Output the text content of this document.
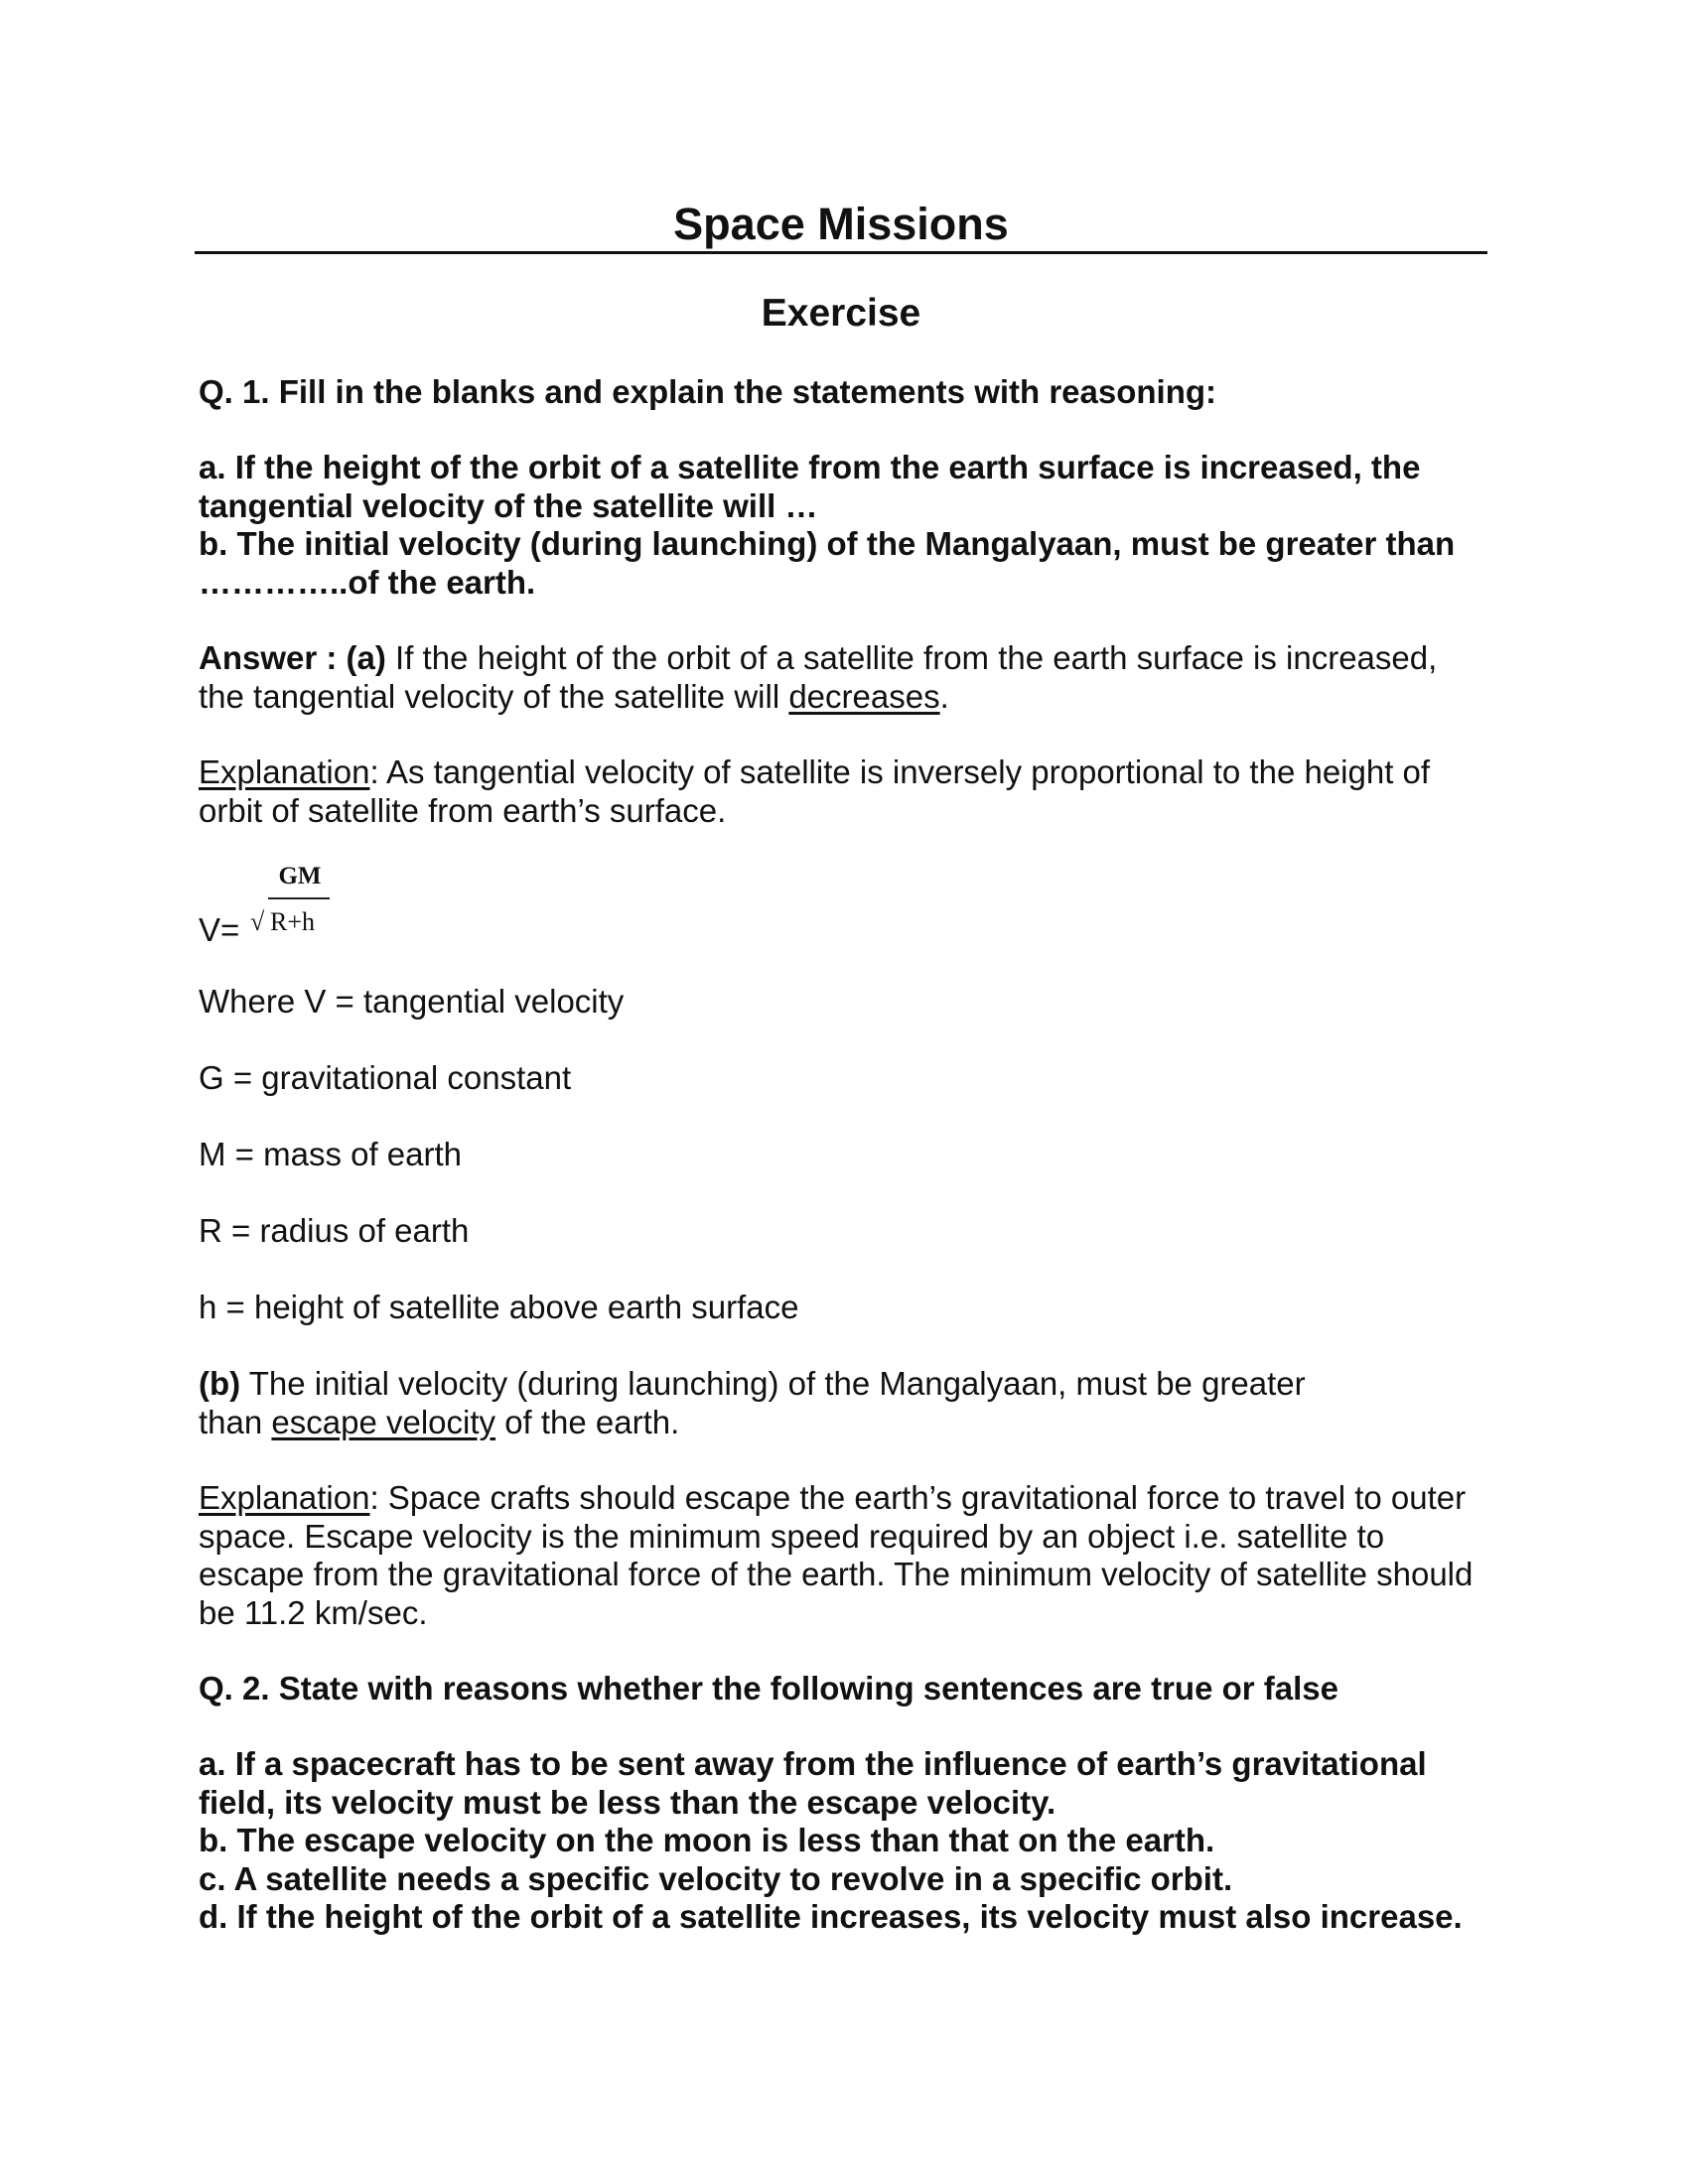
Space Missions
Exercise
Q. 1. Fill in the blanks and explain the statements with reasoning:
a. If the height of the orbit of a satellite from the earth surface is increased, the
tangential velocity of the satellite will …
b. The initial velocity (during launching) of the Mangalyaan, must be greater than
…………..of the earth.
Answer : (a) If the height of the orbit of a satellite from the earth surface is increased,
the tangential velocity of the satellite will decreases.
Explanation: As tangential velocity of satellite is inversely proportional to the height of
orbit of satellite from earth’s surface.
V=
GM
√ R+h
Where V = tangential velocity
G = gravitational constant
M = mass of earth
R = radius of earth
h = height of satellite above earth surface
(b) The initial velocity (during launching) of the Mangalyaan, must be greater
than escape velocity of the earth.
Explanation: Space crafts should escape the earth’s gravitational force to travel to outer
space. Escape velocity is the minimum speed required by an object i.e. satellite to
escape from the gravitational force of the earth. The minimum velocity of satellite should
be 11.2 km/sec.
Q. 2. State with reasons whether the following sentences are true or false
a. If a spacecraft has to be sent away from the influence of earth’s gravitational
field, its velocity must be less than the escape velocity.
b. The escape velocity on the moon is less than that on the earth.
c. A satellite needs a specific velocity to revolve in a specific orbit.
d. If the height of the orbit of a satellite increases, its velocity must also increase.
